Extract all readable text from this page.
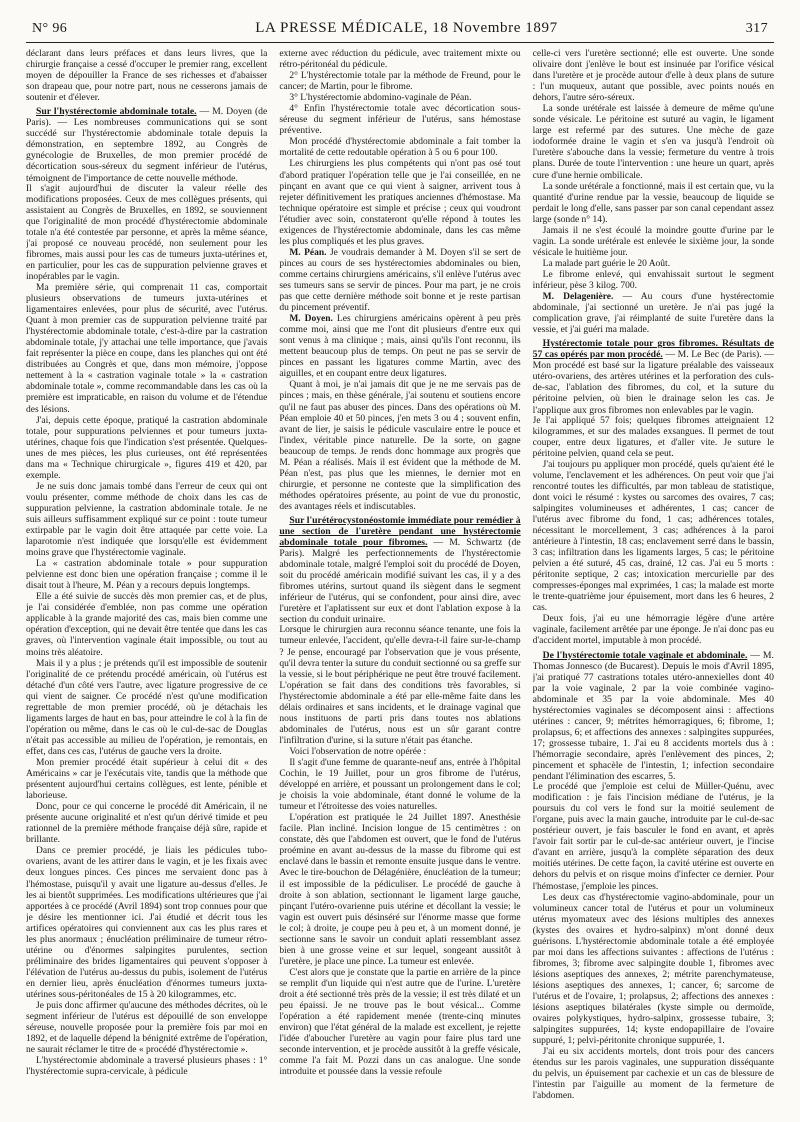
N° 96	LA PRESSE MÉDICALE, 18 Novembre 1897	317

déclarant dans leurs préfaces et dans leurs livres, que la chirurgie française a cessé d'occuper le premier rang, excellent moyen de dépouiller la France de ses richesses et d'abaisser son drapeau que, pour notre part, nous ne cesserons jamais de soutenir et d'élever.

Sur l'hystérectomie abdominale totale. — M. Doyen (de Paris). — Les nombreuses communications qui se sont succédé sur l'hystérectomie abdominale totale depuis la démonstration, en septembre 1892, au Congrès de gynécologie de Bruxelles, de mon premier procédé de décortication sous-séreux du segment inférieur de l'utérus, témoignent de l'importance de cette nouvelle méthode.

Il s'agit aujourd'hui de discuter la valeur réelle des modifications proposées. Ceux de mes collègues présents, qui assistaient au Congrès de Bruxelles, en 1892, se souviennent que l'originalité de mon procédé d'hystérectomie abdominale totale n'a été contestée par personne, et après la même séance, j'ai proposé ce nouveau procédé, non seulement pour les fibromes, mais aussi pour les cas de tumeurs juxta-utérines et, en particulier, pour les cas de suppuration pelvienne graves et inopérables par le vagin.

Ma première série, qui comprenait 11 cas, comportait plusieurs observations de tumeurs juxta-utérines et ligamentaires enlevées, pour plus de sécurité, avec l'utérus. Quant à mon premier cas de suppuration pelvienne traité par l'hystérectomie abdominale totale, c'est-à-dire par la castration abdominale totale, j'y attachai une telle importance, que j'avais fait représenter la pièce en coupe, dans les planches qui ont été distribuées au Congrès et que, dans mon mémoire, j'oppose nettement à la « castration vaginale totale » la « castration abdominale totale », comme recommandable dans les cas où la première est impraticable, en raison du volume et de l'étendue des lésions.

J'ai, depuis cette époque, pratiqué la castration abdominale totale, pour suppurations pelviennes et pour tumeurs juxta-utérines, chaque fois que l'indication s'est présentée. Quelques-unes de mes pièces, les plus curieuses, ont été représentées dans ma « Technique chirurgicale », figures 419 et 420, par exemple.

Je ne suis donc jamais tombé dans l'erreur de ceux qui ont voulu présenter, comme méthode de choix dans les cas de suppuration pelvienne, la castration abdominale totale. Je ne suis ailleurs suffisamment expliqué sur ce point : toute tumeur extirpable par le vagin doit être attaquée par cette voie. La laparotomie n'est indiquée que lorsqu'elle est évidemment moins grave que l'hystérectomie vaginale.

La « castration abdominale totale » pour suppuration pelvienne est donc bien une opération française ; comme il le disait tout à l'heure, M. Péan y a recours depuis longtemps.

Elle a été suivie de succès dès mon premier cas, et de plus, je l'ai considérée d'emblée, non pas comme une opération applicable à la grande majorité des cas, mais bien comme une opération d'exception, qui ne devait être tentée que dans les cas graves, où l'intervention vaginale était impossible, ou tout au moins très aléatoire.

Mais il y a plus ; je prétends qu'il est impossible de soutenir l'originalité de ce prétendu procédé américain, où l'utérus est détaché d'un côté vers l'autre, avec ligature progressive de ce qui vient de saigner. Ce procédé n'est qu'une modification regrettable de mon premier procédé, où je détachais les ligaments larges de haut en bas, pour atteindre le col à la fin de l'opération ou même, dans le cas où le cul-de-sac de Douglas n'était pas accessible au milieu de l'opération, je remontais, en effet, dans ces cas, l'utérus de gauche vers la droite.

Mon premier procédé était supérieur à celui dit « des Américains » car je l'exécutais vite, tandis que la méthode que présentent aujourd'hui certains collègues, est lente, pénible et laborieuse.

Donc, pour ce qui concerne le procédé dit Américain, il ne présente aucune originalité et n'est qu'un dérivé timide et peu rationnel de la première méthode française déjà sûre, rapide et brillante.

Dans ce premier procédé, je liais les pédicules tubo-ovariens, avant de les attirer dans le vagin, et je les fixais avec deux longues pinces. Ces pinces me servaient donc pas à l'hémostase, puisqu'il y avait une ligature au-dessus d'elles. Je les ai bientôt supprimées. Les modifications ultérieures que j'ai apportées à ce procédé (Avril 1894) sont trop connues pour que je désire les mentionner ici. J'ai étudié et décrit tous les artifices opératoires qui conviennent aux cas les plus rares et les plus anormaux ; énucléation préliminaire de tumeur rétro-utérine ou d'énormes salpingites purulentes, section préliminaire des brides ligamentaires qui peuvent s'opposer à l'élévation de l'utérus au-dessus du pubis, isolement de l'utérus en dernier lieu, après énucléation d'énormes tumeurs juxta-utérines sous-péritonéales de 15 à 20 kilogrammes, etc.

Je puis donc affirmer qu'aucune des méthodes décrites, où le segment inférieur de l'utérus est dépouillé de son enveloppe séreuse, nouvelle proposée pour la première fois par moi en 1892, et de laquelle dépend la bénignité extrême de l'opération, ne saurait réclamer le titre de « procédé d'hystérectomie ».

L'hystérectomie abdominale a traversé plusieurs phases : 1° l'hystérectomie supra-cervicale, à pédicule

externe avec réduction du pédicule, avec traitement mixte ou rétro-péritonéal du pédicule.

2° L'hystérectomie totale par la méthode de Freund, pour le cancer; de Martin, pour le fibrome.

3° L'hystérectomie abdomino-vaginale de Péan.

4° Enfin l'hystérectomie totale avec décortication sous-séreuse du segment inférieur de l'utérus, sans hémostase préventive.

Mon procédé d'hystérectomie abdominale a fait tomber la mortalité de cette redoutable opération à 5 ou 6 pour 100.

Les chirurgiens les plus compétents qui n'ont pas osé tout d'abord pratiquer l'opération telle que je l'ai conseillée, en ne pinçant en avant que ce qui vient à saigner, arrivent tous à rejeter définitivement les pratiques anciennes d'hémostase. Ma technique opératoire est simple et précise ; ceux qui voudront l'étudier avec soin, constateront qu'elle répond à toutes les exigences de l'hystérectomie abdominale, dans les cas même les plus compliqués et les plus graves.

M. Péan. Je voudrais demander à M. Doyen s'il se sert de pinces au cours de ses hystérectomies abdominales ou bien, comme certains chirurgiens américains, s'il enlève l'utérus avec ses tumeurs sans se servir de pinces. Pour ma part, je ne crois pas que cette dernière méthode soit bonne et je reste partisan du pincement préventif.

M. Doyen. Les chirurgiens américains opèrent à peu près comme moi, ainsi que me l'ont dit plusieurs d'entre eux qui sont venus à ma clinique ; mais, ainsi qu'ils l'ont reconnu, ils mettent beaucoup plus de temps. On peut ne pas se servir de pinces en passant les ligatures comme Martin, avec des aiguilles, et en coupant entre deux ligatures.

Quant à moi, je n'ai jamais dit que je ne me servais pas de pinces ; mais, en thèse générale, j'ai soutenu et soutiens encore qu'il ne faut pas abuser des pinces. Dans des opérations où M. Péan emploie 40 et 50 pinces, j'en mets 3 ou 4 ; souvent enfin, avant de lier, je saisis le pédicule vasculaire entre le pouce et l'index, véritable pince naturelle. De la sorte, on gagne beaucoup de temps. Je rends donc hommage aux progrès que M. Péan a réalisés. Mais il est évident que la méthode de M. Péan n'est, pas plus que les miennes, le dernier mot en chirurgie, et personne ne conteste que la simplification des méthodes opératoires présente, au point de vue du pronostic, des avantages réels et indiscutables.

Sur l'urétérocystonéostomie immédiate pour remédier à une section de l'uretère pendant une hystérectomie abdominale totale pour fibromes. — M. Schwartz (de Paris). Malgré les perfectionnements de l'hystérectomie abdominale totale, malgré l'emploi soit du procédé de Doyen, soit du procédé américain modifié suivant les cas, il y a des fibromes utérins, surtout quand ils siègent dans le segment inférieur de l'utérus, qui se confondent, pour ainsi dire, avec l'uretère et l'aplatissent sur eux et dont l'ablation expose à la section du conduit urinaire.

Lorsque le chirurgien aura reconnu séance tenante, une fois la tumeur enlevée, l'accident, qu'elle devra-t-il faire sur-le-champ ? Je pense, encouragé par l'observation que je vous présente, qu'il devra tenter la suture du conduit sectionné ou sa greffe sur la vessie, si le bout périphérique ne peut être trouvé facilement. L'opération se fait dans des conditions très favorables, si l'hystérectomie abdominale a été par elle-même faite dans les délais ordinaires et sans incidents, et le drainage vaginal que nous instituons de parti pris dans toutes nos ablations abdominales de l'utérus, nous est un sûr garant contre l'infiltration d'urine, si la suture n'était pas étanche.

Voici l'observation de notre opérée :

Il s'agit d'une femme de quarante-neuf ans, entrée à l'hôpital Cochin, le 19 Juillet, pour un gros fibrome de l'utérus, développé en arrière, et poussant un prolongement dans le col; je choisis la voie abdominale, étant donné le volume de la tumeur et l'étroitesse des voies naturelles.

L'opération est pratiquée le 24 Juillet 1897. Anesthésie facile. Plan incliné. Incision longue de 15 centimètres : on constate, dès que l'abdomen est ouvert, que le fond de l'utérus proémine en avant au-dessus de la masse du fibrome qui est enclavé dans le bassin et remonte ensuite jusque dans le ventre. Avec le tire-bouchon de Délagénière, énucléation de la tumeur; il est impossible de la pédiculiser. Le procédé de gauche à droite à son ablation, sectionnant le ligament large gauche, pinçant l'utéro-ovarienne puis utérine et décollant la vessie; le vagin est ouvert puis désinséré sur l'énorme masse que forme le col; à droite, je coupe peu à peu et, à un moment donné, je sectionne sans le savoir un conduit aplati ressemblant assez bien à une grosse veine et sur lequel, songeant aussitôt à l'uretère, je place une pince. La tumeur est enlevée.

C'est alors que je constate que la partie en arrière de la pince se remplit d'un liquide qui n'est autre que de l'urine. L'uretère droit a été sectionné très près de la vessie; il est très dilaté et un peu épaissi. Je ne trouve pas le bout vésical... Comme l'opération a été rapidement menée (trente-cinq minutes environ) que l'état général de la malade est excellent, je rejette l'idée d'aboucher l'uretère au vagin pour faire plus tard une seconde intervention, et je procède aussitôt à la greffe vésicale, comme l'a fait M. Pozzi dans un cas analogue. Une sonde introduite et poussée dans la vessie refoule

celle-ci vers l'uretère sectionné; elle est ouverte. Une sonde olivaire dont j'enlève le bout est insinuée par l'orifice vésical dans l'uretère et je procède autour d'elle à deux plans de suture : l'un muqueux, autant que possible, avec points noués en dehors, l'autre séro-séreux.

La sonde urétérale est laissée à demeure de même qu'une sonde vésicale. Le péritoine est suturé au vagin, le ligament large est refermé par des sutures. Une mèche de gaze iodoformée draine le vagin et s'en va jusqu'à l'endroit où l'uretère s'abouche dans la vessie; fermeture du ventre à trois plans. Durée de toute l'intervention : une heure un quart, après cure d'une hernie ombilicale.

La sonde urétérale a fonctionné, mais il est certain que, vu la quantité d'urine rendue par la vessie, beaucoup de liquide se perdait le long d'elle, sans passer par son canal cependant assez large (sonde n° 14).

Jamais il ne s'est écoulé la moindre goutte d'urine par le vagin. La sonde urétérale est enlevée le sixième jour, la sonde vésicale le huitième jour.

La malade part guérie le 20 Août.

Le fibrome enlevé, qui envahissait surtout le segment inférieur, pèse 3 kilog. 700.

M. Delagenière. — Au cours d'une hystérectomie abdominale, j'ai sectionné un uretère. Je n'ai pas jugé la complication grave, j'ai réimplanté de suite l'uretère dans la vessie, et j'ai guéri ma malade.

Hystérectomie totale pour gros fibromes. Résultats de 57 cas opérés par mon procédé. — M. Le Bec (de Paris). — Mon procédé est basé sur la ligature préalable des vaisseaux utéro-ovariens, des artères utérines et la perforation des culs-de-sac, l'ablation des fibromes, du col, et la suture du péritoine pelvien, où bien le drainage selon les cas. Je l'applique aux gros fibromes non enlevables par le vagin.

Je l'ai appliqué 57 fois; quelques fibromes atteignaient 12 kilogrammes, et sur des malades exsangues. Il permet de tout couper, entre deux ligatures, et d'aller vite. Je suture le péritoine pelvien, quand cela se peut.

J'ai toujours pu appliquer mon procédé, quels qu'aient été le volume, l'enclavement et les adhérences. On peut voir que j'ai rencontré toutes les difficultés, par mon tableau de statistique, dont voici le résumé : kystes ou sarcomes des ovaires, 7 cas; salpingites volumineuses et adhérentes, 1 cas; cancer de l'utérus avec fibrome du fond, 1 cas; adhérences totales, nécessitant le morcellement, 3 cas; adhérences à la paroi antérieure à l'intestin, 18 cas; enclavement serré dans le bassin, 3 cas; infiltration dans les ligaments larges, 5 cas; le péritoine pelvien a été suturé, 45 cas, drainé, 12 cas. J'ai eu 5 morts : péritonite septique, 2 cas; intoxication mercurielle par des compresses-éponges mal exprimées, 1 cas; la malade est morte le trente-quatrième jour épuisement, mort dans les 6 heures, 2 cas.

Deux fois, j'ai eu une hémorragie légère d'une artère vaginale, facilement arrêtée par une éponge. Je n'ai donc pas eu d'accident mortel, imputable à mon procédé.

De l'hystérectomie totale vaginale et abdominale. — M. Thomas Jonnesco (de Bucarest). Depuis le mois d'Avril 1895, j'ai pratiqué 77 castrations totales utéro-annexielles dont 40 par la voie vaginale, 2 par la voie combinée vagino-abdominale et 35 par la voie abdominale. Mes 40 hystérectomies vaginales se décomposent ainsi : affections utérines : cancer, 9; métrites hémorragiques, 6; fibrome, 1; prolapsus, 6; et affections des annexes : salpingites suppurées, 17; grossesse tubaire, 1. J'ai eu 8 accidents mortels dus à : l'hémorragie secondaire, après l'enlèvement des pinces, 2; pincement et sphacèle de l'intestin, 1; infection secondaire pendant l'élimination des escarres, 5.

Le procédé que j'emploie est celui de Müller-Quénu, avec modification : je fais l'incision médiane de l'utérus, je la poursuis du col vers le fond sur la moitié seulement de l'organe, puis avec la main gauche, introduite par le cul-de-sac postérieur ouvert, je fais basculer le fond en avant, et après l'avoir fait sortir par le cul-de-sac antérieur ouvert, je l'incise d'avant en arrière, jusqu'à la complète séparation des deux moitiés utérines. De cette façon, la cavité utérine est ouverte en dehors du pelvis et on risque moins d'infecter ce dernier. Pour l'hémostase, j'emploie les pinces.

Les deux cas d'hystérectomie vagino-abdominale, pour un volumineux cancer total de l'utérus et pour un volumineux utérus myomateux avec des lésions multiples des annexes (kystes des ovaires et hydro-salpinx) m'ont donné deux guérisons. L'hystérectomie abdominale totale a été employée par moi dans les affections suivantes : affections de l'utérus : fibromes, 3; fibrome avec salpingite double 1, fibromes avec lésions aseptiques des annexes, 2; métrite parenchymateuse, lésions aseptiques des annexes, 1; cancer, 6; sarcome de l'utérus et de l'ovaire, 1; prolapsus, 2; affections des annexes : lésions aseptiques bilatérales (kyste simple ou dermoïde, ovaires polykystiques, hydro-salpinx, grossesse tubaire, 3; salpingites suppurées, 14; kyste endopapillaire de l'ovaire suppuré, 1; pelvi-péritonite chronique suppurée, 1.

J'ai eu six accidents mortels, dont trois pour des cancers étendus sur les parois vaginales, une suppuration disséquante du pelvis, un épuisement par cachexie et un cas de blessure de l'intestin par l'aiguille au moment de la fermeture de l'abdomen.
